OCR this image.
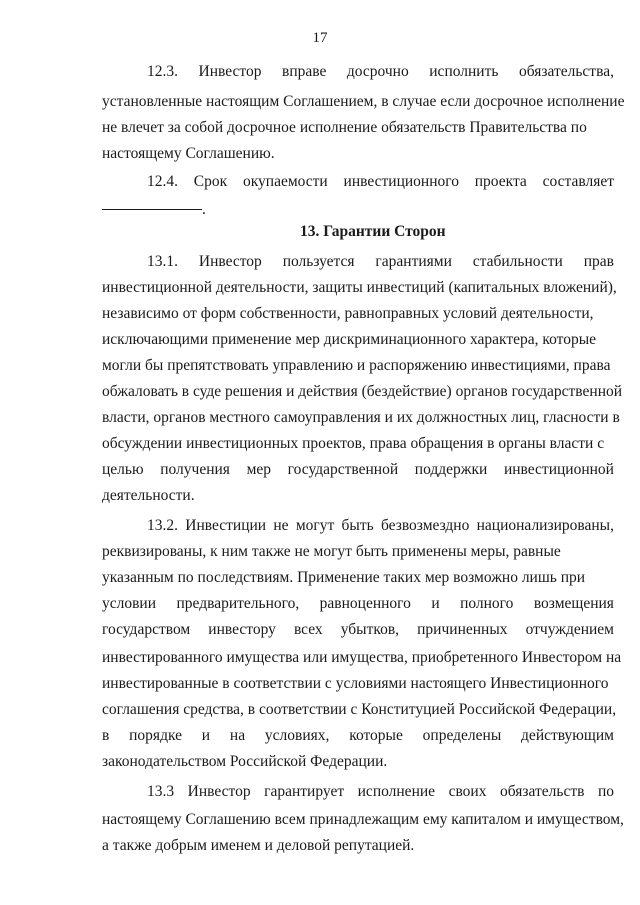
17
12.3. Инвестор вправе досрочно исполнить обязательства,
установленные настоящим Соглашением, в случае если досрочное исполнение
не влечет за собой досрочное исполнение обязательств Правительства по
настоящему Соглашению.
12.4. Срок окупаемости инвестиционного проекта составляет
.
13. Гарантии Сторон
13.1. Инвестор пользуется гарантиями стабильности прав
инвестиционной деятельности, защиты инвестиций (капитальных вложений),
независимо от форм собственности, равноправных условий деятельности,
исключающими применение мер дискриминационного характера, которые
могли бы препятствовать управлению и распоряжению инвестициями, права
обжаловать в суде решения и действия (бездействие) органов государственной
власти, органов местного самоуправления и их должностных лиц, гласности в
обсуждении инвестиционных проектов, права обращения в органы власти с
целью получения мер государственной поддержки инвестиционной
деятельности.
13.2. Инвестиции не могут быть безвозмездно национализированы,
реквизированы, к ним также не могут быть применены меры, равные
указанным по последствиям. Применение таких мер возможно лишь при
условии предварительного, равноценного и полного возмещения
государством инвестору всех убытков, причиненных отчуждением
инвестированного имущества или имущества, приобретенного Инвестором на
инвестированные в соответствии с условиями настоящего Инвестиционного
соглашения средства, в соответствии с Конституцией Российской Федерации,
в порядке и на условиях, которые определены действующим
законодательством Российской Федерации.
13.3 Инвестор гарантирует исполнение своих обязательств по
настоящему Соглашению всем принадлежащим ему капиталом и имуществом,
а также добрым именем и деловой репутацией.
